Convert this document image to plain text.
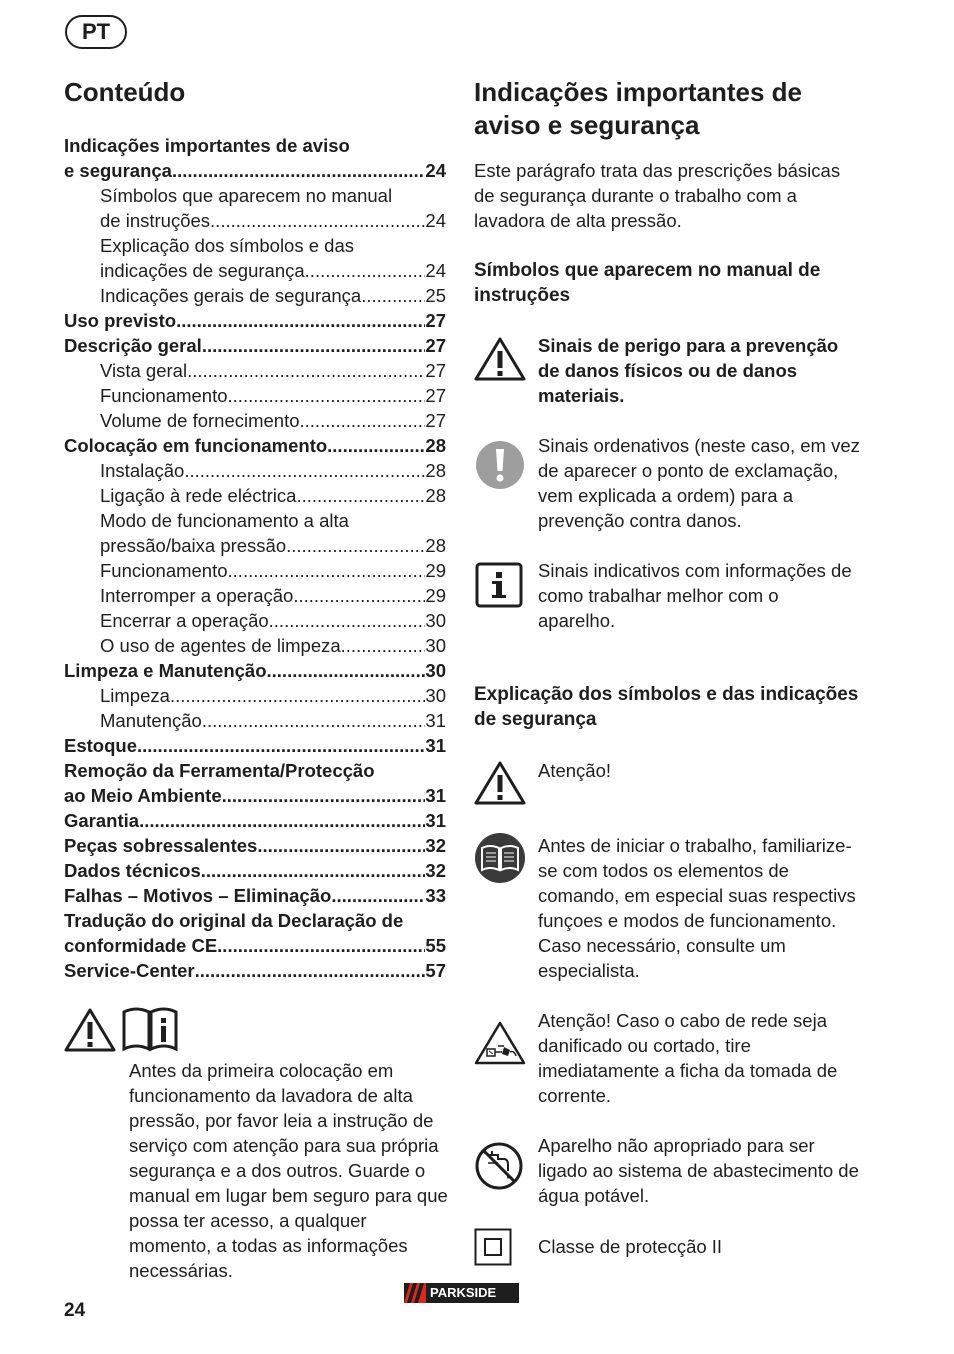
PT
Conteúdo
Indicações importantes de aviso
e segurança .....	24
Símbolos que aparecem no manual
de instruções .....	24
Explicação dos símbolos e das
indicações de segurança .....	24
Indicações gerais de segurança .....	25
Uso previsto .....	27
Descrição geral .....	27
Vista geral .....	27
Funcionamento .....	27
Volume de fornecimento .....	27
Colocação em funcionamento .....	28
Instalação .....	28
Ligação à rede eléctrica .....	28
Modo de funcionamento a alta
pressão/baixa pressão .....	28
Funcionamento .....	29
Interromper a operação .....	29
Encerrar a operação .....	30
O uso de agentes de limpeza .....	30
Limpeza e Manutenção .....	30
Limpeza .....	30
Manutenção .....	31
Estoque .....	31
Remoção da Ferramenta/Protecção
ao Meio Ambiente .....	31
Garantia .....	31
Peças sobressalentes .....	32
Dados técnicos .....	32
Falhas – Motivos – Eliminação .....	33
Tradução do original da Declaração de
conformidade CE .....	55
Service-Center .....	57
Antes da primeira colocação em funcionamento da lavadora de alta pressão, por favor leia a instrução de serviço com atenção para sua própria segurança e a dos outros. Guarde o manual em lugar bem seguro para que possa ter acesso, a qualquer momento, a todas as informações necessárias.
Indicações importantes de aviso e segurança
Este parágrafo trata das prescrições básicas de segurança durante o trabalho com a lavadora de alta pressão.
Símbolos que aparecem no manual de instruções
Sinais de perigo para a prevenção de danos físicos ou de danos materiais.
Sinais ordenativos (neste caso, em vez de aparecer o ponto de exclamação, vem explicada a ordem) para a prevenção contra danos.
Sinais indicativos com informações de como trabalhar melhor com o aparelho.
Explicação dos símbolos e das indicações de segurança
Atenção!
Antes de iniciar o trabalho, familiarize-se com todos os elementos de comando, em especial suas respectivs funçoes e modos de funcionamento. Caso necessário, consulte um especialista.
Atenção! Caso o cabo de rede seja danificado ou cortado, tire imediatamente a ficha da tomada de corrente.
Aparelho não apropriado para ser ligado ao sistema de abastecimento de água potável.
Classe de protecção II
24
PARKSIDE
